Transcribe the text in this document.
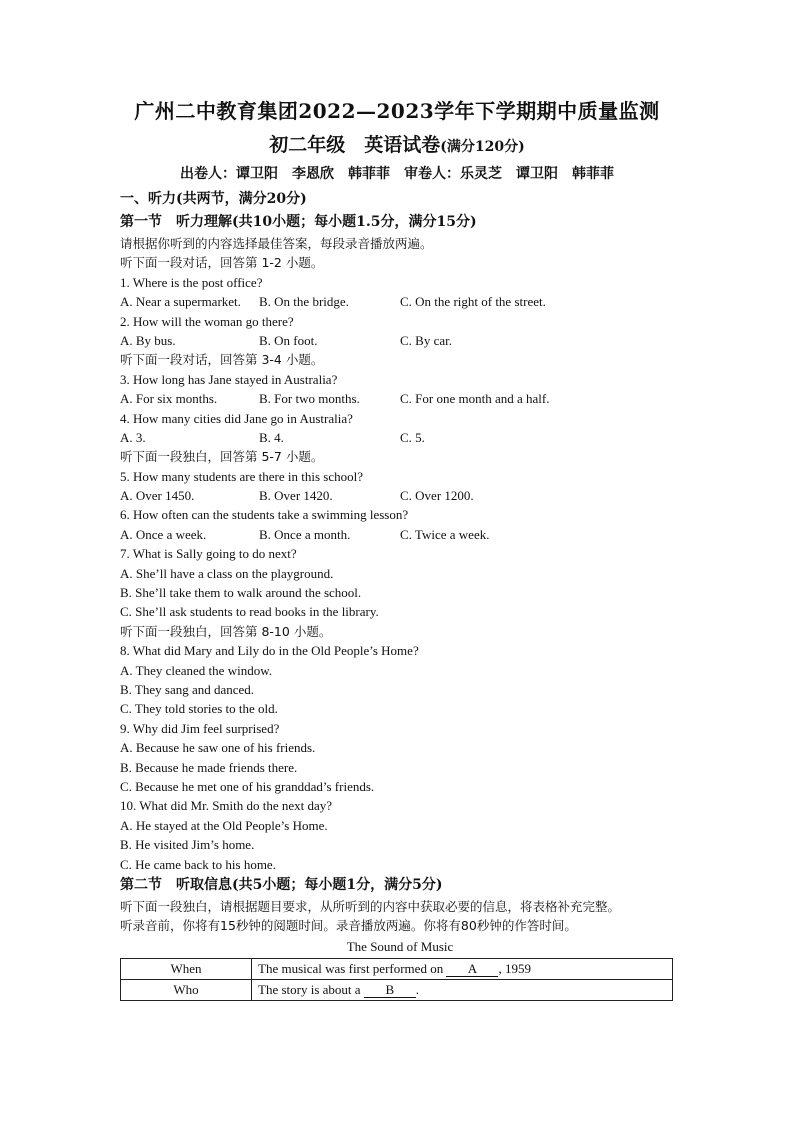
广州二中教育集团2022—2023学年下学期期中质量监测
初二年级　英语试卷(满分120分)
出卷人：谭卫阳　李恩欣　韩菲菲　审卷人：乐灵芝　谭卫阳　韩菲菲
一、听力(共两节，满分20分)
第一节　听力理解(共10小题；每小题1.5分，满分15分)
请根据你听到的内容选择最佳答案，每段录音播放两遍。
听下面一段对话，回答第 1-2 小题。
1. Where is the post office?
A. Near a supermarket. B. On the bridge.	C. On the right of the street.
2. How will the woman go there?
A. By bus.	B. On foot.	C. By car.
听下面一段对话，回答第 3-4 小题。
3. How long has Jane stayed in Australia?
A. For six months.	B. For two months.	C. For one month and a half.
4. How many cities did Jane go in Australia?
A. 3.	B. 4.	C. 5.
听下面一段独白，回答第 5-7 小题。
5. How many students are there in this school?
A. Over 1450.	B. Over 1420.	C. Over 1200.
6. How often can the students take a swimming lesson?
A. Once a week.	B. Once a month.	C. Twice a week.
7. What is Sally going to do next?
A. She’ll have a class on the playground.
B. She’ll take them to walk around the school.
C. She’ll ask students to read books in the library.
听下面一段独白，回答第 8-10 小题。
8. What did Mary and Lily do in the Old People’s Home?
A. They cleaned the window.
B. They sang and danced.
C. They told stories to the old.
9. Why did Jim feel surprised?
A. Because he saw one of his friends.
B. Because he made friends there.
C. Because he met one of his granddad’s friends.
10. What did Mr. Smith do the next day?
A. He stayed at the Old People’s Home.
B. He visited Jim’s home.
C. He came back to his home.
第二节　听取信息(共5小题；每小题1分，满分5分)
听下面一段独白，请根据题目要求，从所听到的内容中获取必要的信息，将表格补充完整。
听录音前，你将有15秒钟的阅题时间。录音播放两遍。你将有80秒钟的作答时间。
The Sound of Music
When	The musical was first performed on A , 1959
Who	The story is about a B .
